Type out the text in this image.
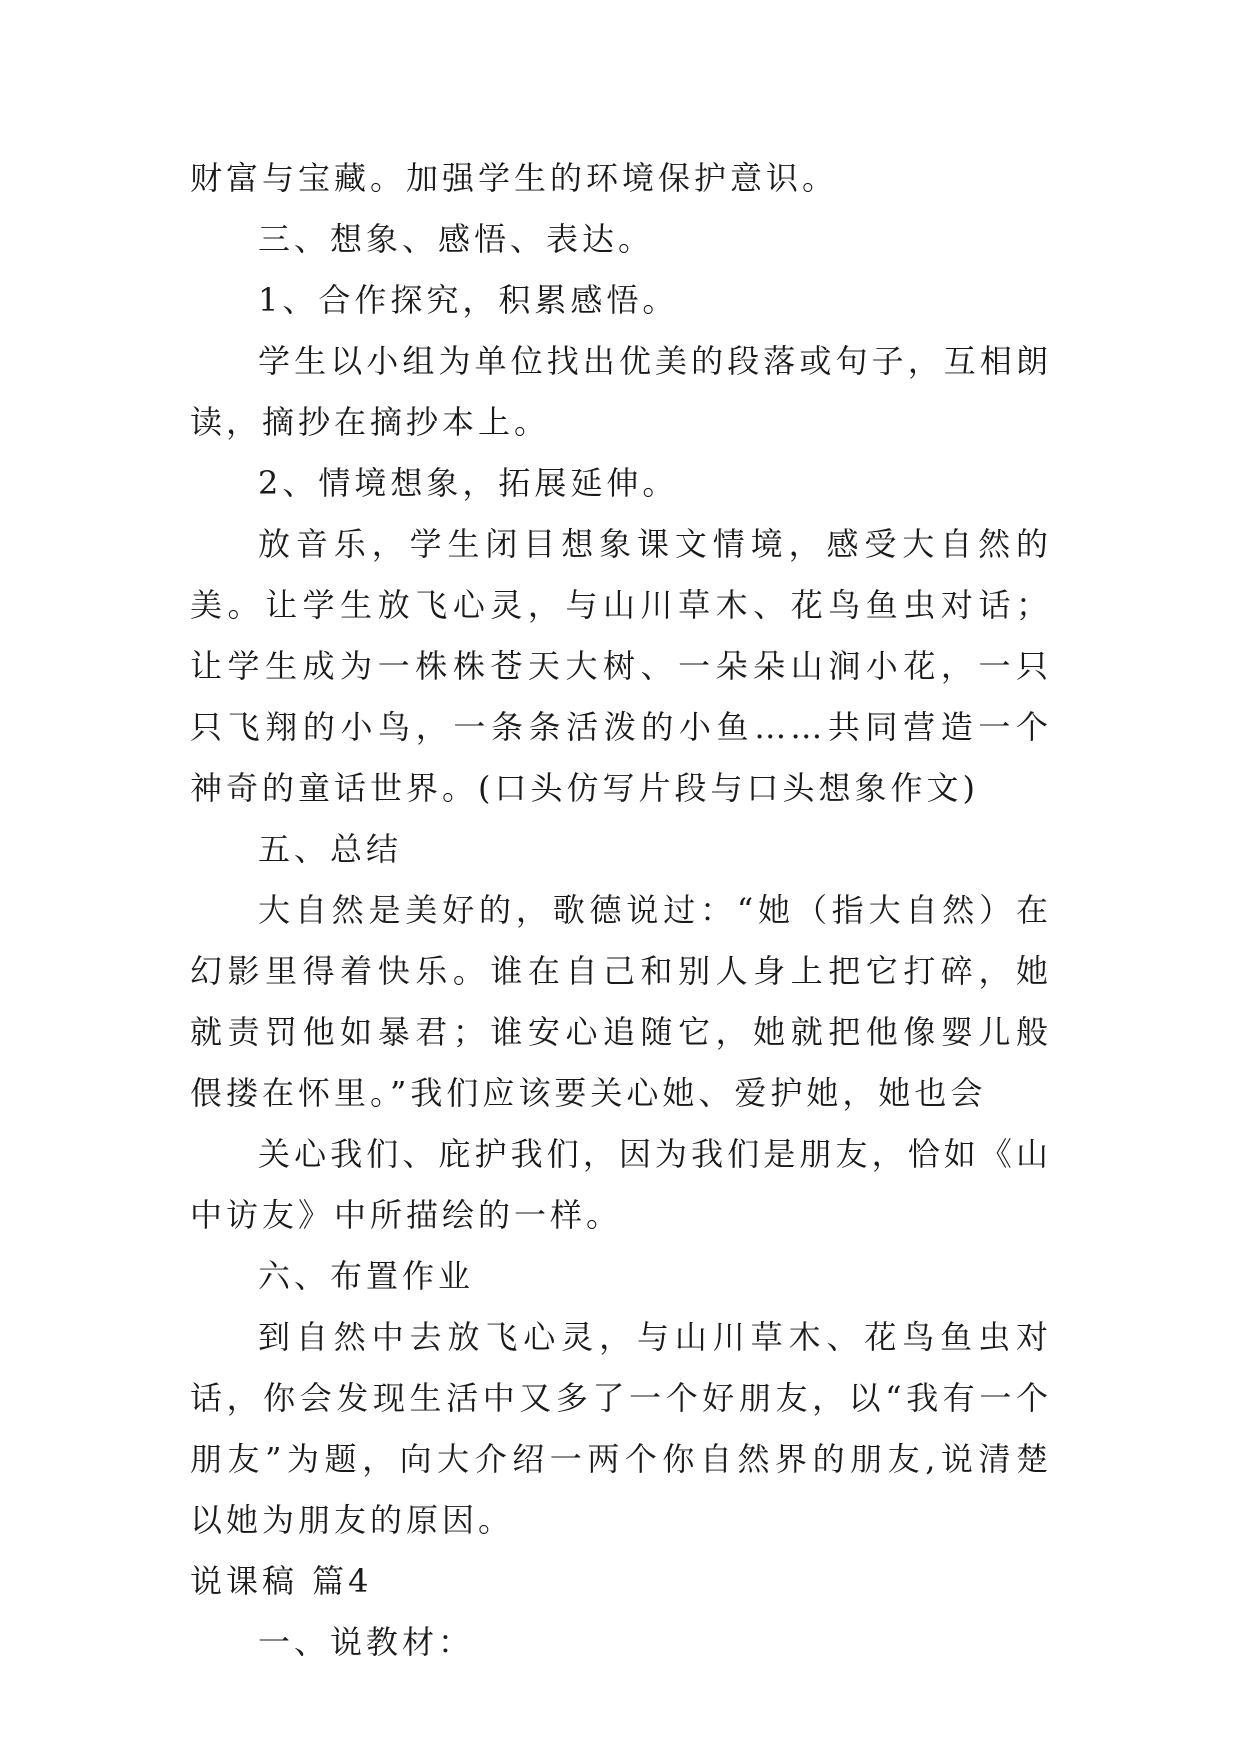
财富与宝藏。加强学生的环境保护意识。

三、想象、感悟、表达。

1、合作探究，积累感悟。

学生以小组为单位找出优美的段落或句子，互相朗读，摘抄在摘抄本上。

2、情境想象，拓展延伸。

放音乐，学生闭目想象课文情境，感受大自然的美。让学生放飞心灵，与山川草木、花鸟鱼虫对话；让学生成为一株株苍天大树、一朵朵山涧小花，一只只飞翔的小鸟，一条条活泼的小鱼……共同营造一个神奇的童话世界。(口头仿写片段与口头想象作文)

五、总结

大自然是美好的，歌德说过：“她（指大自然）在幻影里得着快乐。谁在自己和别人身上把它打碎，她就责罚他如暴君；谁安心追随它，她就把他像婴儿般偎搂在怀里。”我们应该要关心她、爱护她，她也会

关心我们、庇护我们，因为我们是朋友，恰如《山中访友》中所描绘的一样。

六、布置作业

到自然中去放飞心灵，与山川草木、花鸟鱼虫对话，你会发现生活中又多了一个好朋友，以“我有一个朋友”为题，向大介绍一两个你自然界的朋友,说清楚以她为朋友的原因。

说课稿 篇4

一、说教材：
